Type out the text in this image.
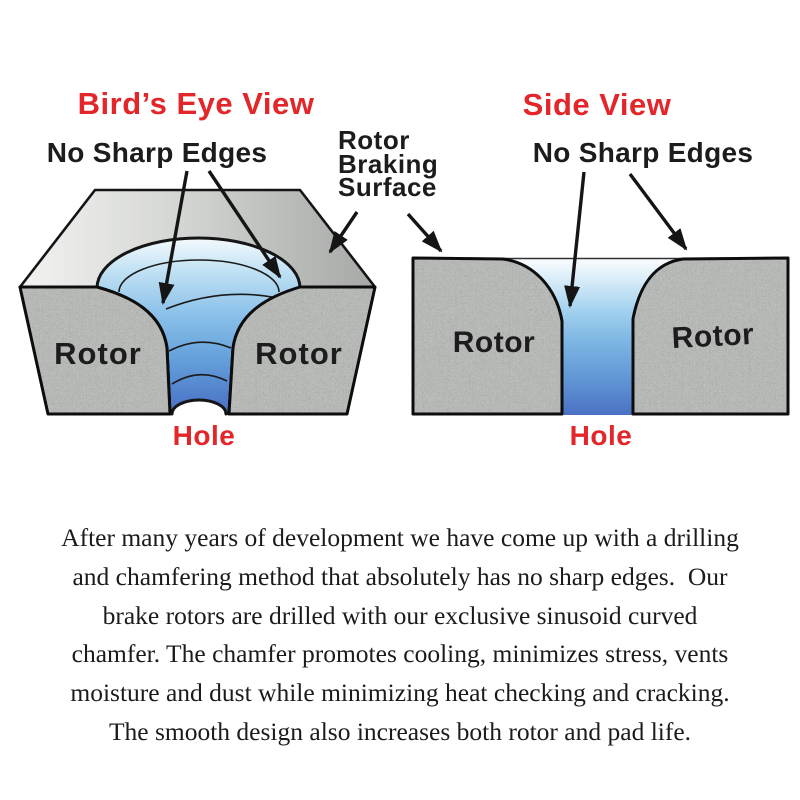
Bird’s Eye View
No Sharp Edges	Rotor
Braking
Surface
Side View
No Sharp Edges
Rotor	Rotor
Hole
Rotor	Rotor
Hole
After many years of development we have come up with a drilling
and chamfering method that absolutely has no sharp edges.  Our
brake rotors are drilled with our exclusive sinusoid curved
chamfer. The chamfer promotes cooling, minimizes stress, vents
moisture and dust while minimizing heat checking and cracking.
The smooth design also increases both rotor and pad life.
